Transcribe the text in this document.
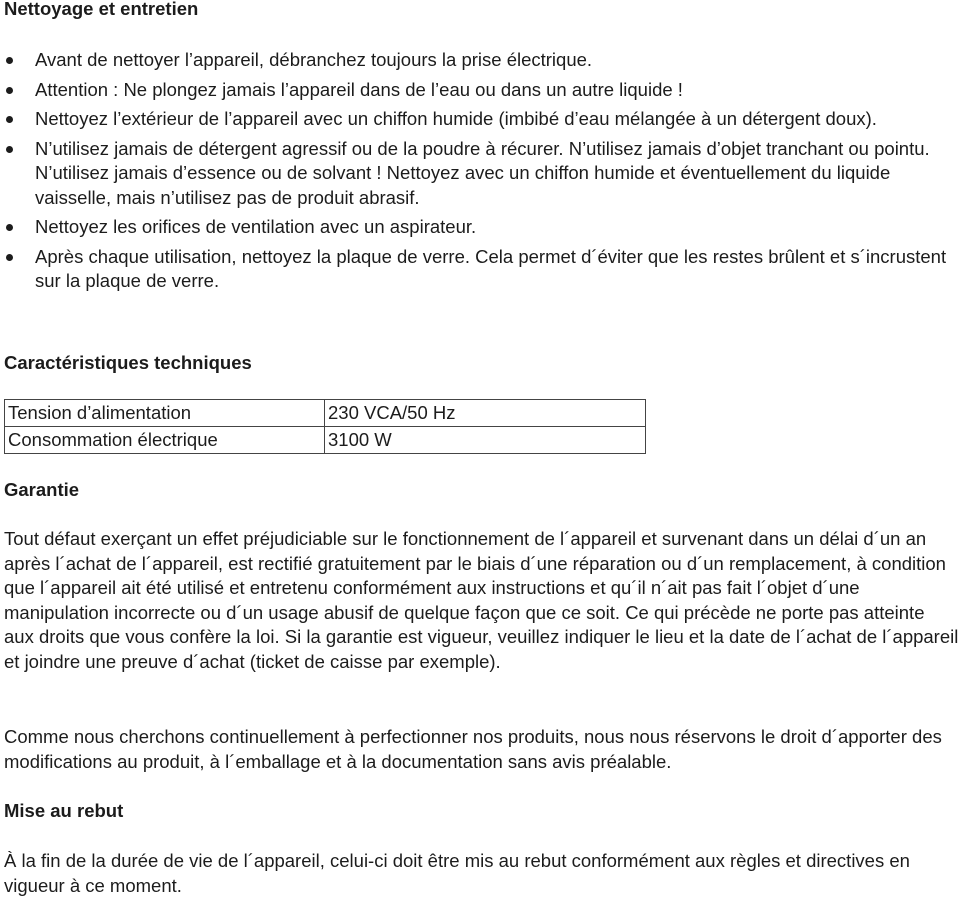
Nettoyage et entretien
Avant de nettoyer l’appareil, débranchez toujours la prise électrique.
Attention : Ne plongez jamais l’appareil dans de l’eau ou dans un autre liquide !
Nettoyez l’extérieur de l’appareil avec un chiffon humide (imbibé d’eau mélangée à un détergent doux).
N’utilisez jamais de détergent agressif ou de la poudre à récurer. N’utilisez jamais d’objet tranchant ou pointu. N’utilisez jamais d’essence ou de solvant ! Nettoyez avec un chiffon humide et éventuellement du liquide vaisselle, mais n’utilisez pas de produit abrasif.
Nettoyez les orifices de ventilation avec un aspirateur.
Après chaque utilisation, nettoyez la plaque de verre. Cela permet d´éviter que les restes brûlent et s´incrustent sur la plaque de verre.
Caractéristiques techniques
Tension d’alimentation	230 VCA/50 Hz
Consommation électrique	3100 W
Garantie

Tout défaut exerçant un effet préjudiciable sur le fonctionnement de l´appareil et survenant dans un délai d´un an après l´achat de l´appareil, est rectifié gratuitement par le biais d´une réparation ou d´un remplacement, à condition que l´appareil ait été utilisé et entretenu conformément aux instructions et qu´il n´ait pas fait l´objet d´une manipulation incorrecte ou d´un usage abusif de quelque façon que ce soit. Ce qui précède ne porte pas atteinte aux droits que vous confère la loi. Si la garantie est vigueur, veuillez indiquer le lieu et la date de l´achat de l´appareil et joindre une preuve d´achat (ticket de caisse par exemple).

Comme nous cherchons continuellement à perfectionner nos produits, nous nous réservons le droit d´apporter des modifications au produit, à l´emballage et à la documentation sans avis préalable.

Mise au rebut

À la fin de la durée de vie de l´appareil, celui-ci doit être mis au rebut conformément aux règles et directives en vigueur à ce moment.
